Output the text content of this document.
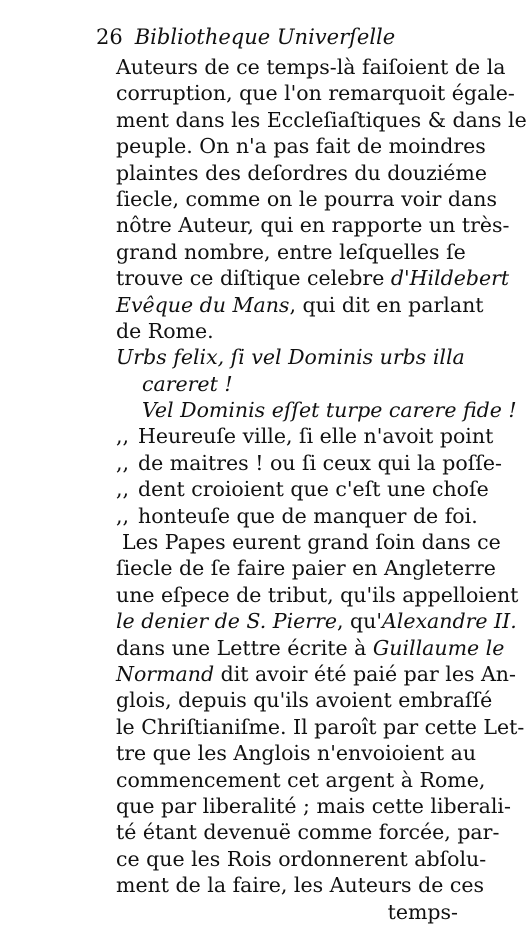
26 Bibliotheque Univerſelle
Auteurs de ce temps-là faiſoient de la
corruption, que l'on remarquoit égale-
ment dans les Eccleſiaſtiques & dans le
peuple. On n'a pas fait de moindres
plaintes des deſordres du douziéme
ſiecle, comme on le pourra voir dans
nôtre Auteur, qui en rapporte un très-
grand nombre, entre leſquelles ſe
trouve ce diſtique celebre d'Hildebert
Evêque du Mans, qui dit en parlant
de Rome.
Urbs felix, ſi vel Dominis urbs illa
careret !
Vel Dominis eſſet turpe carere fide !
,, Heureuſe ville, ſi elle n'avoit point
,, de maitres ! ou ſi ceux qui la poſſe-
,, dent croioient que c'eſt une choſe
,, honteuſe que de manquer de foi.
Les Papes eurent grand ſoin dans ce
ſiecle de ſe faire paier en Angleterre
une eſpece de tribut, qu'ils appelloient
le denier de S. Pierre, qu'Alexandre II.
dans une Lettre écrite à Guillaume le
Normand dit avoir été paié par les An-
glois, depuis qu'ils avoient embraſſé
le Chriſtianiſme. Il paroît par cette Let-
tre que les Anglois n'envoioient au
commencement cet argent à Rome,
que par liberalité ; mais cette liberali-
té étant devenuë comme forcée, par-
ce que les Rois ordonnerent abſolu-
ment de la faire, les Auteurs de ces
temps-
